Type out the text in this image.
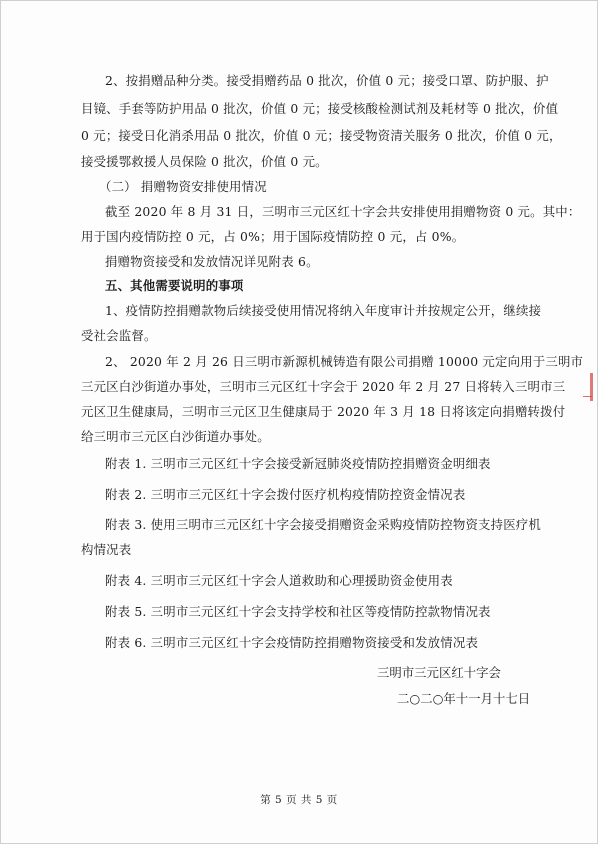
2、按捐赠品种分类。接受捐赠药品 0 批次，价值 0 元；接受口罩、防护服、护
目镜、手套等防护用品 0 批次，价值 0 元；接受核酸检测试剂及耗材等 0 批次，价值
0 元；接受日化消杀用品 0 批次，价值 0 元；接受物资清关服务 0 批次，价值 0 元，
接受援鄂救援人员保险 0 批次，价值 0 元。
（二） 捐赠物资安排使用情况
截至 2020 年 8 月 31 日，三明市三元区红十字会共安排使用捐赠物资 0 元。其中：
用于国内疫情防控 0 元，占 0%；用于国际疫情防控 0 元，占 0%。
捐赠物资接受和发放情况详见附表 6。
五、其他需要说明的事项
1、疫情防控捐赠款物后续接受使用情况将纳入年度审计并按规定公开，继续接
受社会监督。
2、 2020 年 2 月 26 日三明市新源机械铸造有限公司捐赠 10000 元定向用于三明市
三元区白沙街道办事处，三明市三元区红十字会于 2020 年 2 月 27 日将转入三明市三
元区卫生健康局，三明市三元区卫生健康局于 2020 年 3 月 18 日将该定向捐赠转拨付
给三明市三元区白沙街道办事处。
附表 1. 三明市三元区红十字会接受新冠肺炎疫情防控捐赠资金明细表
附表 2. 三明市三元区红十字会拨付医疗机构疫情防控资金情况表
附表 3. 使用三明市三元区红十字会接受捐赠资金采购疫情防控物资支持医疗机
构情况表
附表 4. 三明市三元区红十字会人道救助和心理援助资金使用表
附表 5. 三明市三元区红十字会支持学校和社区等疫情防控款物情况表
附表 6. 三明市三元区红十字会疫情防控捐赠物资接受和发放情况表
三明市三元区红十字会
二○二○年十一月十七日
第 5 页 共 5 页
